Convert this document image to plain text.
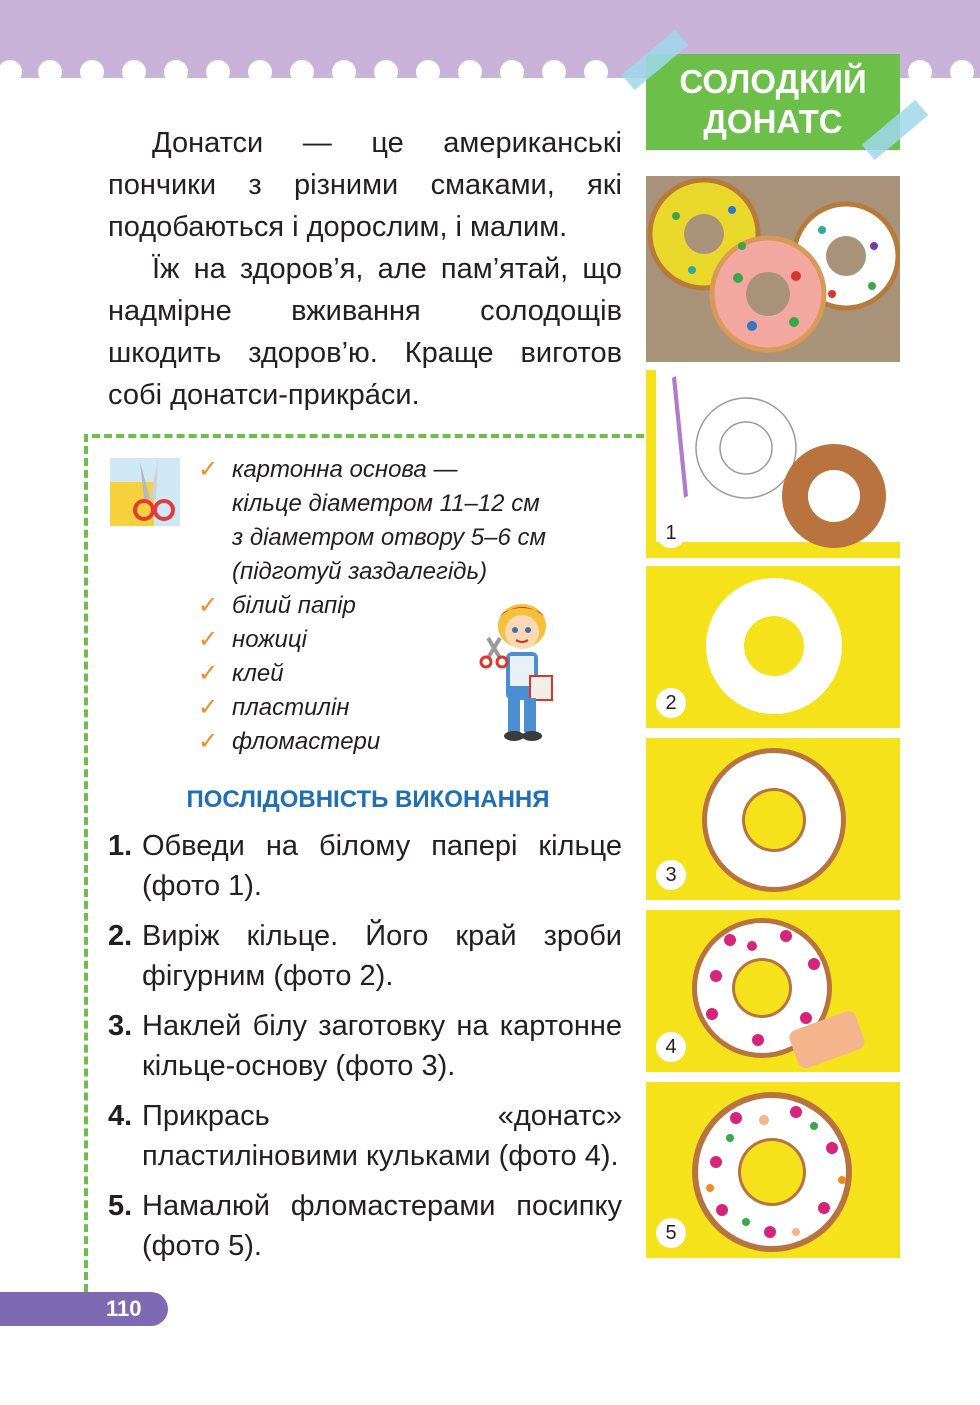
СОЛОДКИЙ
ДОНАТС

Донатси — це американські пончики з різними смаками, які подобаються і дорослим, і малим.

Їж на здоров’я, але пам’ятай, що надмірне вживання солодощів шкодить здоров’ю. Краще виготов собі донатси-прикра́си.

✓ картонна основа —
кільце діаметром 11–12 см
з діаметром отвору 5–6 см
(підготуй заздалегідь)
✓ білий папір
✓ ножиці
✓ клей
✓ пластилін
✓ фломастери
ПОСЛІДОВНІСТЬ ВИКОНАННЯ
1. Обведи на білому папері кільце (фото 1).
2. Виріж кільце. Його край зроби фігурним (фото 2).
3. Наклей білу заготовку на картонне кільце-основу (фото 3).
4. Прикрась «донатс» пластиліновими кульками (фото 4).
5. Намалюй фломастерами посипку (фото 5).
110
1
2
3
4
5
